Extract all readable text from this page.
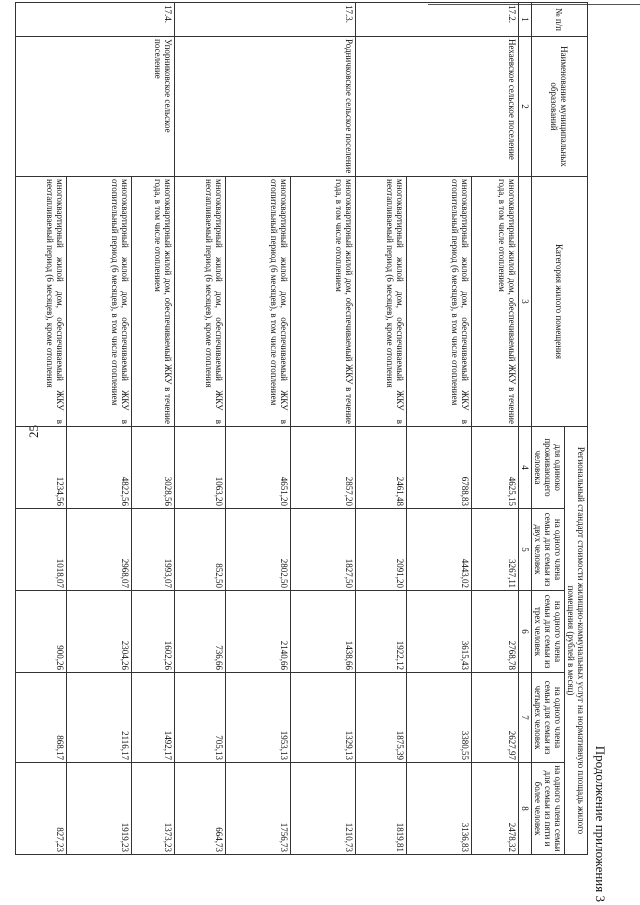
25
Продолжение приложения 3
№ п/п	Наименование муниципальных образований	Категория жилого помещения	Региональный стандарт стоимости жилищно-коммунальных услуг на нормативную площадь жилого помещения (рублей в месяц)				
			для одиноко проживающего человека	на одного члена семьи для семьи из двух человек	на одного члена семьи для семьи из трех человек	на одного члена семьи для семьи из четырех человек	на одного члена семьи для семьи из пяти и более человек
1	2	3	4	5	6	7	8
17.2.	Нехаевское сельское поселение	многоквартирный жилой дом, обеспечиваемый ЖКУ в течение года, в том числе отоплением	4625,15	3267,11	2768,78	2627,97	2478,32
		многоквартирный жилой дом, обеспечиваемый ЖКУ в отопительный период (6 месяцев), в том числе отоплением	6788,83	4443,02	3615,43	3380,55	3136,83
		многоквартирный жилой дом, обеспечиваемый ЖКУ в неотапливаемый период (6 месяцев), кроме отопления	2461,48	2091,20	1922,12	1875,39	1819,81
17.3.	Родничковское сельское поселение	многоквартирный жилой дом, обеспечиваемый ЖКУ в течение года, в том числе отоплением	2857,20	1827,50	1438,66	1329,13	1210,73
		многоквартирный жилой дом, обеспечиваемый ЖКУ в отопительный период (6 месяцев), в том числе отоплением	4651,20	2802,50	2140,66	1953,13	1756,73
		многоквартирный жилой дом, обеспечиваемый ЖКУ в неотапливаемый период (6 месяцев), кроме отопления	1063,20	852,50	736,66	705,13	664,73
17.4.	Упорниковское сельское поселение	многоквартирный жилой дом, обеспечиваемый ЖКУ в течение года, в том числе отоплением	3028,56	1993,07	1602,26	1492,17	1373,23
		многоквартирный жилой дом, обеспечиваемый ЖКУ в отопительный период (6 месяцев), в том числе отоплением	4822,56	2968,07	2304,26	2116,17	1919,23
		многоквартирный жилой дом, обеспечиваемый ЖКУ в неотапливаемый период (6 месяцев), кроме отопления	1234,56	1018,07	900,26	868,17	827,23
